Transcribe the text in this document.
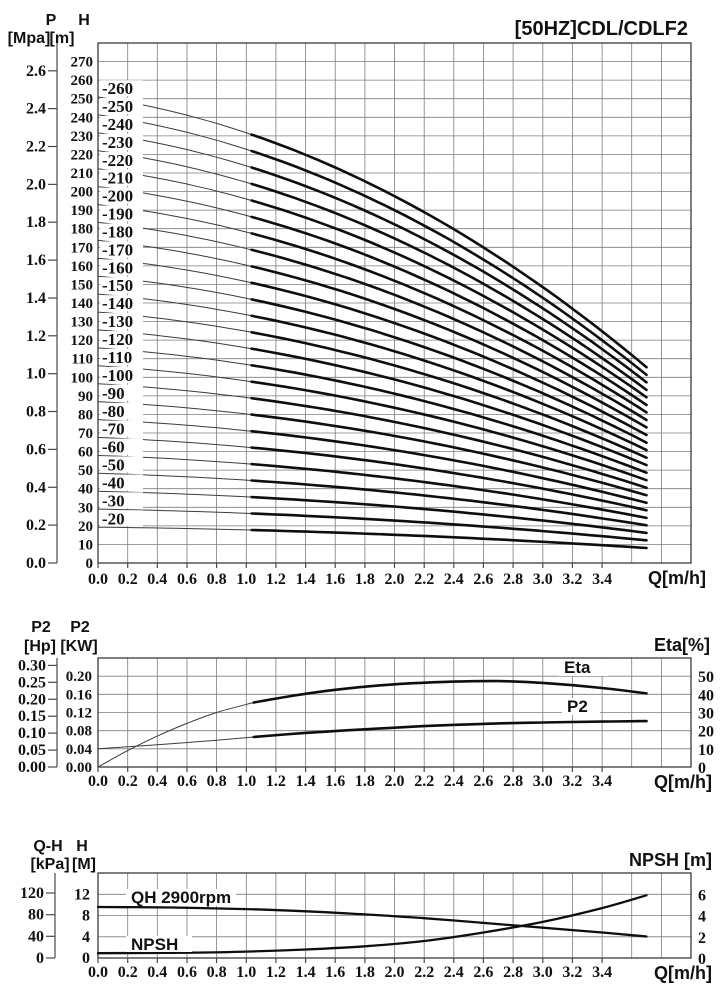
0.0 0.2 0.4 0.6 0.8 1.0 1.2 1.4 1.6 1.8 2.0 2.2 2.4 2.6 2.8 3.0 3.2 3.4
0.0
0.2
0.4
0.6
0.8
1.0
1.2
1.4
1.6
1.8
2.0
2.2
2.4
2.6
0
10
20
30
40
50
60
70
80
90
100
110
120
130
140
150
160
170
180
190
200
210
220
230
240
250
260
270
-20
-30
-40
-50
-60
-70
-80
-90
-100
-110
-120
-130
-140
-150
-160
-170
-180
-190
-200
-210
-220
-230
-240
-250
-260
0.0 0.2 0.4 0.6 0.8 1.0 1.2 1.4 1.6 1.8 2.0 2.2 2.4 2.6 2.8 3.0 3.2 3.4
0.00
0.05
0.10
0.15
0.20
0.25
0.30
0.00
0.04
0.08
0.12
0.16
0.20
0
10
20
30
40
50
0.0 0.2 0.4 0.6 0.8 1.0 1.2 1.4 1.6 1.8 2.0 2.2 2.4 2.6 2.8 3.0 3.2 3.4
0
40
80
120
0
4
8
12
0
2
4
6
P H
[Mpa] [m]	[50HZ]CDL/CDLF2
Q[m/h]
P2 P2
[Hp] [KW]	Eta[%]
Q[m/h]
Eta
P2
Q-H H
[kPa] [M]	NPSH [m]
Q[m/h]
QH 2900rpm
NPSH
